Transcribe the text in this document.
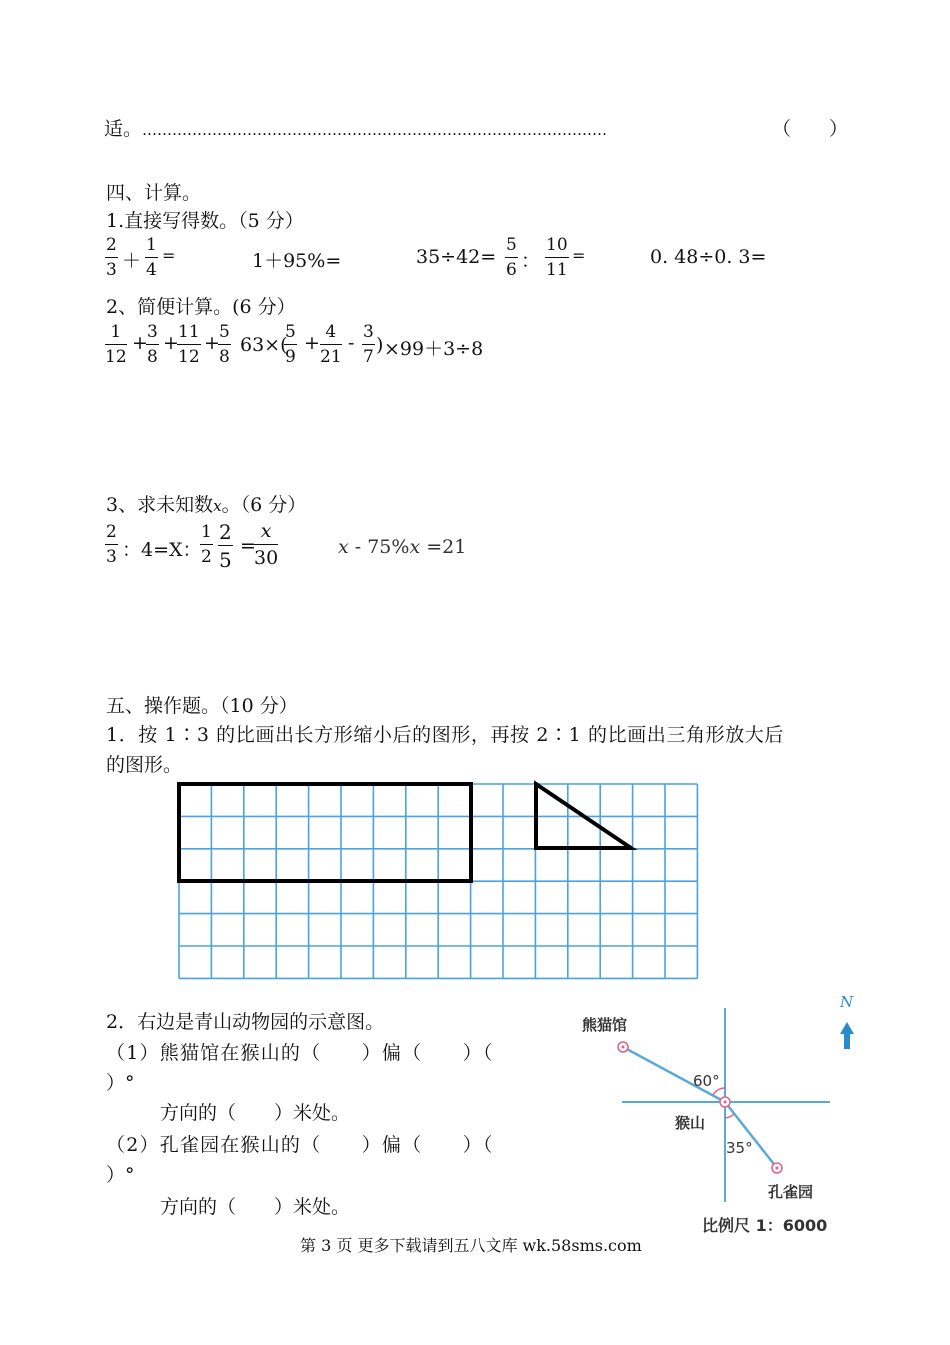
适。…………………………………………………………………………………	（　　）
四、计算。
1.直接写得数。（5 分）
$\frac{2}{3} + \frac{1}{4}$ =	1＋95%=	$35\div 42= \frac{5}{6}$ ： $\frac{10}{11}$ =	0. 48÷0. 3=
2、简便计算。(6 分）
$\frac{1}{12}$ +
$\frac{3}{8}$ +
$\frac{11}{12}$ +
$\frac{5}{8} 63\times$(
$\frac{5}{9} + \frac{4}{21} - \frac{3}{7}$ ) ×99＋3÷8
3、求未知数x。（6 分）
$\frac{2}{3}$ ：4=X：
$\frac{1}{2} \frac{2}{5}$ =
$\frac{x}{30}$	x - 75%x =21
五、操作题。（10 分）
1．按 1∶3 的比画出长方形缩小后的图形，再按 2∶1 的比画出三角形放大后
的图形。
2．右边是青山动物园的示意图。
（1）熊猫馆在猴山的（　　）偏（　　）（
）°
方向的（　　）米处。
（2）孔雀园在猴山的（　　）偏（　　）（
）°
方向的（　　）米处。
N
熊猫馆
60°
猴山
35°
孔雀园
比例尺 1：6000
第 3 页 更多下载请到五八文库 wk.58sms.com
